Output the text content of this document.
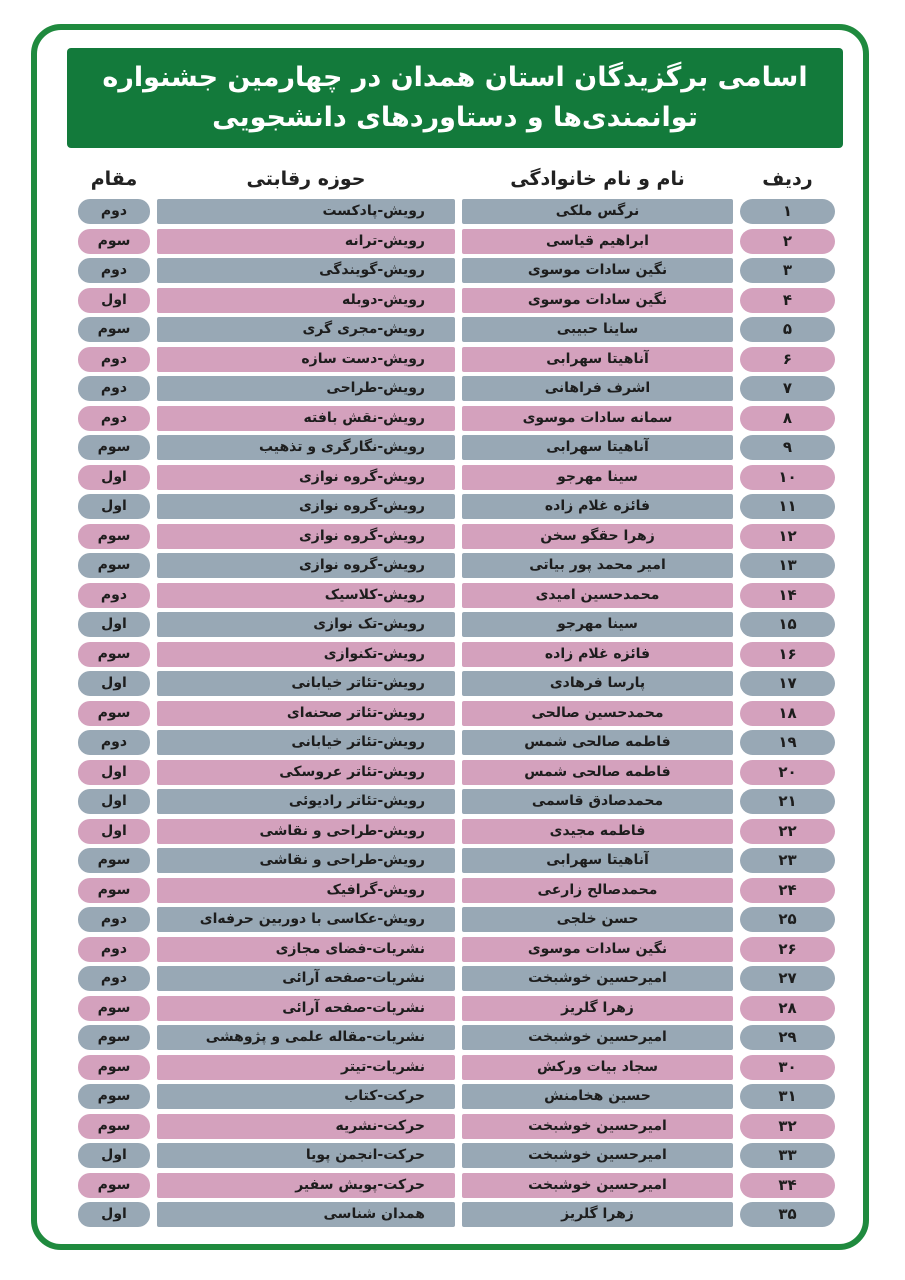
اسامی برگزیدگان استان همدان در چهارمین جشنواره
توانمندی‌ها و دستاوردهای دانشجویی
ردیف
نام و نام خانوادگی
حوزه رقابتی
مقام
۱
نرگس ملکی
رویش-پادکست
دوم
۲
ابراهیم قیاسی
رویش-ترانه
سوم
۳
نگین سادات موسوی
رویش-گویندگی
دوم
۴
نگین سادات موسوی
رویش-دوبله
اول
۵
ساینا حبیبی
رویش-مجری گری
سوم
۶
آناهیتا سهرابی
رویش-دست سازه
دوم
۷
اشرف فراهانی
رویش-طراحی
دوم
۸
سمانه سادات موسوی
رویش-نقش بافته
دوم
۹
آناهیتا سهرابی
رویش-نگارگری و تذهیب
سوم
۱۰
سینا مهرجو
رویش-گروه نوازی
اول
۱۱
فائزه غلام زاده
رویش-گروه نوازی
اول
۱۲
زهرا حقگو سخن
رویش-گروه نوازی
سوم
۱۳
امیر محمد پور بیاتی
رویش-گروه نوازی
سوم
۱۴
محمدحسین امیدی
رویش-کلاسیک
دوم
۱۵
سینا مهرجو
رویش-تک نوازی
اول
۱۶
فائزه غلام زاده
رویش-تکنوازی
سوم
۱۷
پارسا فرهادی
رویش-تئاتر خیابانی
اول
۱۸
محمدحسین صالحی
رویش-تئاتر صحنه‌ای
سوم
۱۹
فاطمه صالحی شمس
رویش-تئاتر خیابانی
دوم
۲۰
فاطمه صالحی شمس
رویش-تئاتر عروسکی
اول
۲۱
محمدصادق قاسمی
رویش-تئاتر رادیوئی
اول
۲۲
فاطمه مجیدی
رویش-طراحی و نقاشی
اول
۲۳
آناهیتا سهرابی
رویش-طراحی و نقاشی
سوم
۲۴
محمدصالح زارعی
رویش-گرافیک
سوم
۲۵
حسن خلجی
رویش-عکاسی با دوربین حرفه‌ای
دوم
۲۶
نگین سادات موسوی
نشریات-فضای مجازی
دوم
۲۷
امیرحسین خوشبخت
نشریات-صفحه آرائی
دوم
۲۸
زهرا گلریز
نشریات-صفحه آرائی
سوم
۲۹
امیرحسین خوشبخت
نشریات-مقاله علمی و پژوهشی
سوم
۳۰
سجاد بیات ورکش
نشریات-تیتر
سوم
۳۱
حسین هخامنش
حرکت-کتاب
سوم
۳۲
امیرحسین خوشبخت
حرکت-نشریه
سوم
۳۳
امیرحسین خوشبخت
حرکت-انجمن پویا
اول
۳۴
امیرحسین خوشبخت
حرکت-پویش سفیر
سوم
۳۵
زهرا گلریز
همدان شناسی
اول
